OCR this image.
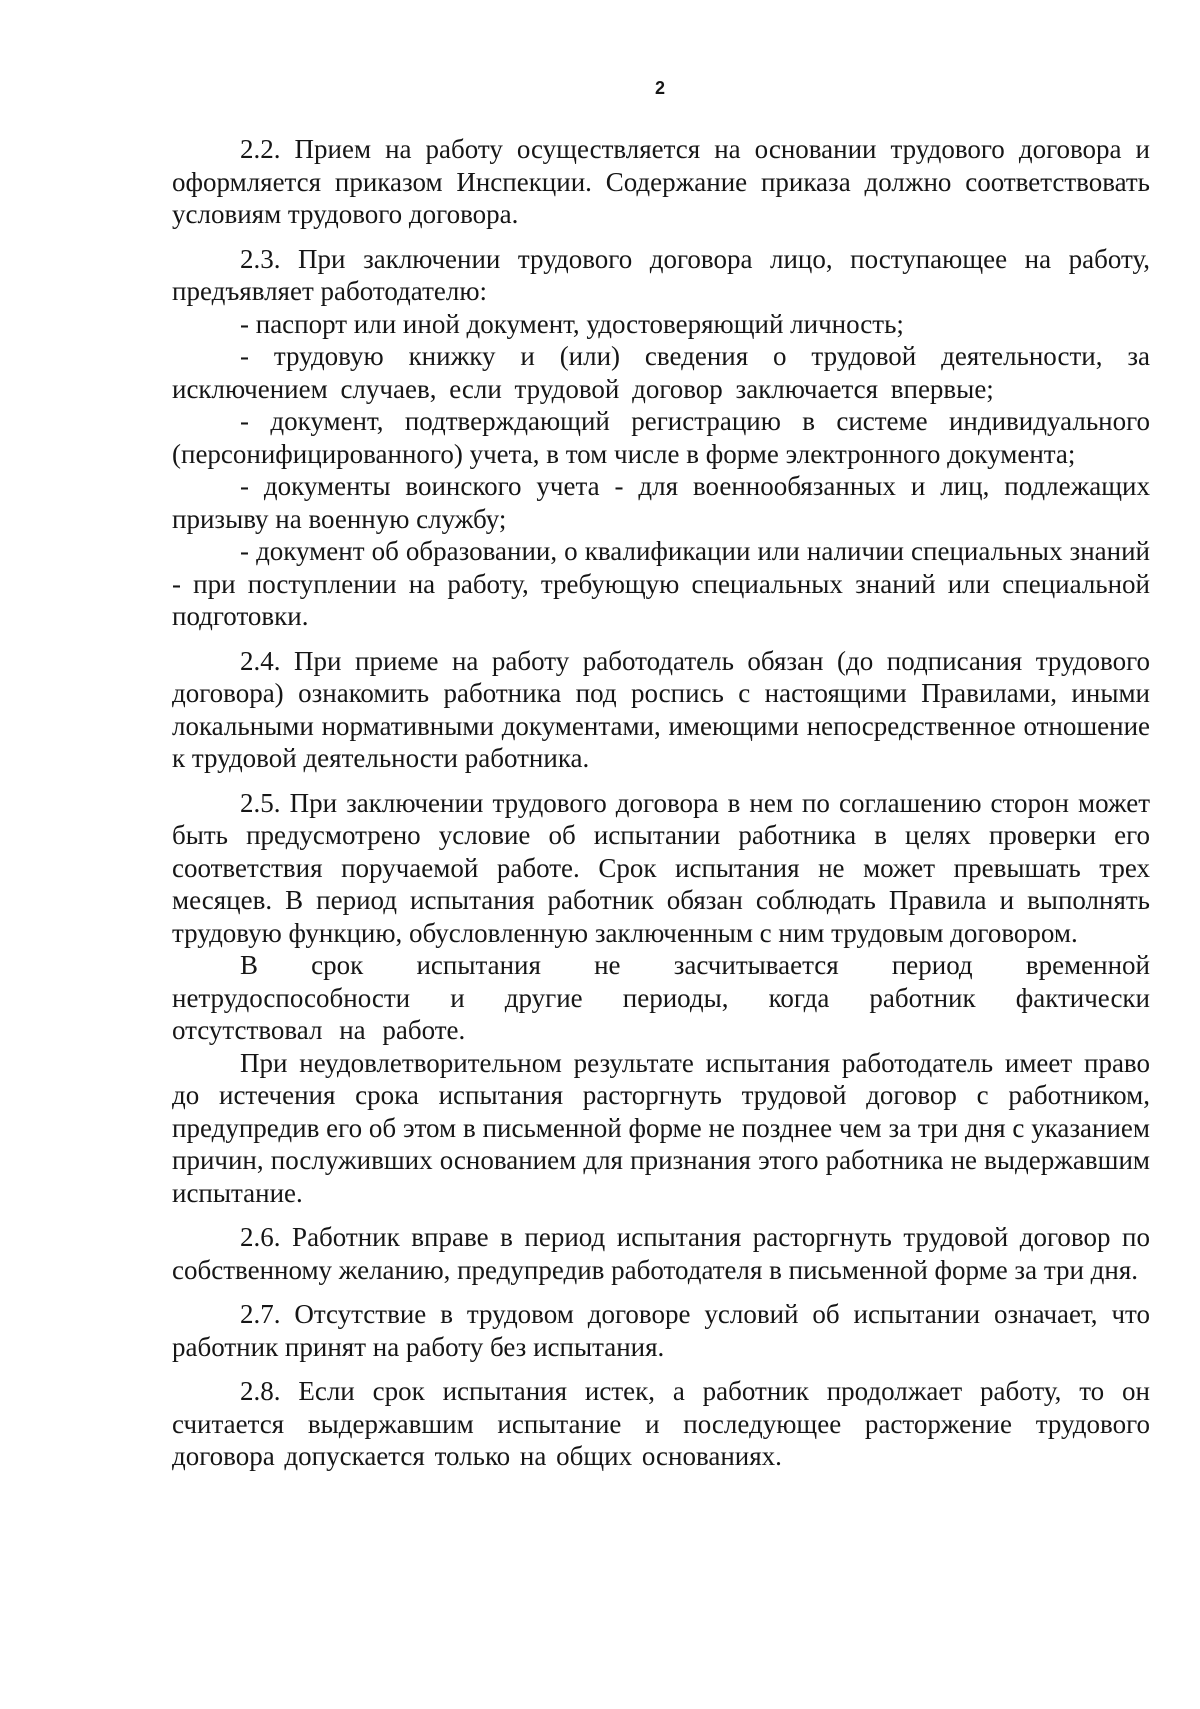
2

2.2. Прием на работу осуществляется на основании трудового договора и оформляется приказом Инспекции. Содержание приказа должно соответствовать условиям трудового договора.

2.3. При заключении трудового договора лицо, поступающее на работу, предъявляет работодателю:

- паспорт или иной документ, удостоверяющий личность;

- трудовую книжку и (или) сведения о трудовой деятельности, за исключением случаев, если трудовой договор заключается впервые;

- документ, подтверждающий регистрацию в системе индивидуального (персонифицированного) учета, в том числе в форме электронного документа;

- документы воинского учета - для военнообязанных и лиц, подлежащих призыву на военную службу;

- документ об образовании, о квалификации или наличии специальных знаний - при поступлении на работу, требующую специальных знаний или специальной подготовки.

2.4. При приеме на работу работодатель обязан (до подписания трудового договора) ознакомить работника под роспись с настоящими Правилами, иными локальными нормативными документами, имеющими непосредственное отношение к трудовой деятельности работника.

2.5. При заключении трудового договора в нем по соглашению сторон может быть предусмотрено условие об испытании работника в целях проверки его соответствия поручаемой работе. Срок испытания не может превышать трех месяцев. В период испытания работник обязан соблюдать Правила и выполнять трудовую функцию, обусловленную заключенным с ним трудовым договором.

В срок испытания не засчитывается период временной нетрудоспособности и другие периоды, когда работник фактически отсутствовал на работе.

При неудовлетворительном результате испытания работодатель имеет право до истечения срока испытания расторгнуть трудовой договор с работником, предупредив его об этом в письменной форме не позднее чем за три дня с указанием причин, послуживших основанием для признания этого работника не выдержавшим испытание.

2.6. Работник вправе в период испытания расторгнуть трудовой договор по собственному желанию, предупредив работодателя в письменной форме за три дня.

2.7. Отсутствие в трудовом договоре условий об испытании означает, что работник принят на работу без испытания.

2.8. Если срок испытания истек, а работник продолжает работу, то он считается выдержавшим испытание и последующее расторжение трудового договора допускается только на общих основаниях.
